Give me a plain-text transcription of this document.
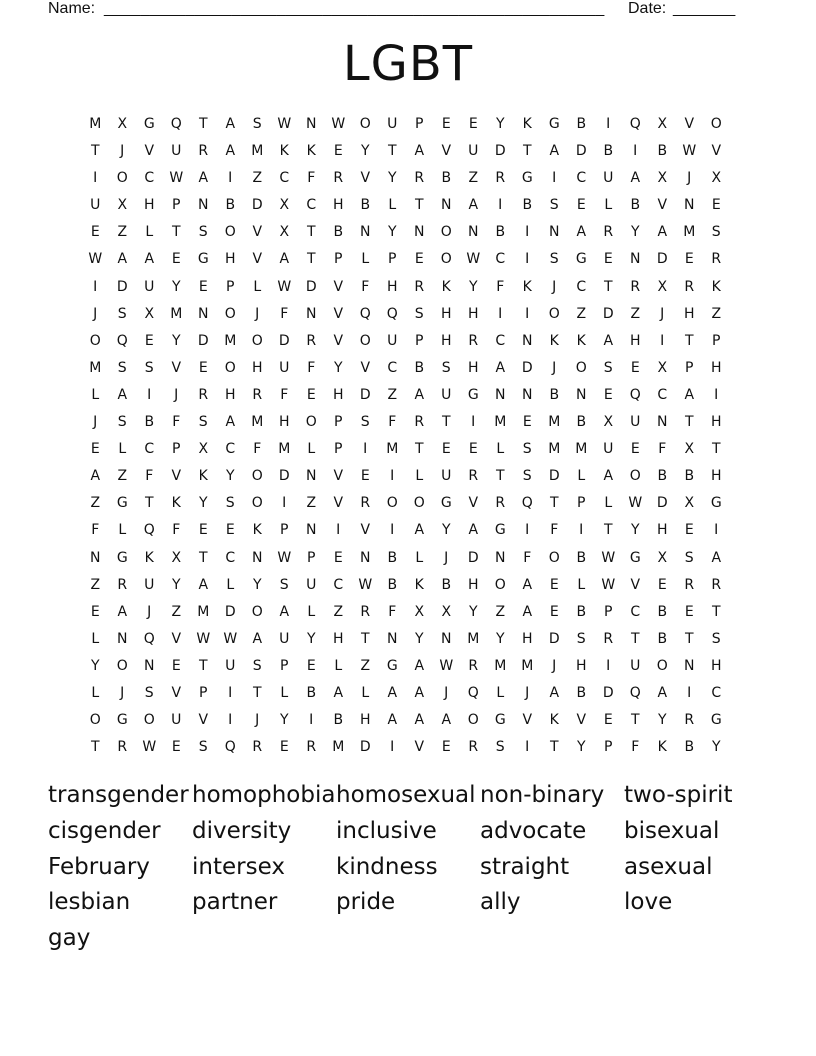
Name: _______________________________________________________ Date: _______
LGBT
M	X	G	Q	T	A	S	W	N	W	O	U	P	E	E	Y	K	G	B	I	Q	X	V	O
T	J	V	U	R	A	M	K	K	E	Y	T	A	V	U	D	T	A	D	B	I	B	W	V
I	O	C	W	A	I	Z	C	F	R	V	Y	R	B	Z	R	G	I	C	U	A	X	J	X
U	X	H	P	N	B	D	X	C	H	B	L	T	N	A	I	B	S	E	L	B	V	N	E
E	Z	L	T	S	O	V	X	T	B	N	Y	N	O	N	B	I	N	A	R	Y	A	M	S
W	A	A	E	G	H	V	A	T	P	L	P	E	O	W	C	I	S	G	E	N	D	E	R
I	D	U	Y	E	P	L	W	D	V	F	H	R	K	Y	F	K	J	C	T	R	X	R	K
J	S	X	M	N	O	J	F	N	V	Q	Q	S	H	H	I	I	O	Z	D	Z	J	H	Z
O	Q	E	Y	D	M	O	D	R	V	O	U	P	H	R	C	N	K	K	A	H	I	T	P
M	S	S	V	E	O	H	U	F	Y	V	C	B	S	H	A	D	J	O	S	E	X	P	H
L	A	I	J	R	H	R	F	E	H	D	Z	A	U	G	N	N	B	N	E	Q	C	A	I
J	S	B	F	S	A	M	H	O	P	S	F	R	T	I	M	E	M	B	X	U	N	T	H
E	L	C	P	X	C	F	M	L	P	I	M	T	E	E	L	S	M	M	U	E	F	X	T
A	Z	F	V	K	Y	O	D	N	V	E	I	L	U	R	T	S	D	L	A	O	B	B	H
Z	G	T	K	Y	S	O	I	Z	V	R	O	O	G	V	R	Q	T	P	L	W	D	X	G
F	L	Q	F	E	E	K	P	N	I	V	I	A	Y	A	G	I	F	I	T	Y	H	E	I
N	G	K	X	T	C	N	W	P	E	N	B	L	J	D	N	F	O	B	W	G	X	S	A
Z	R	U	Y	A	L	Y	S	U	C	W	B	K	B	H	O	A	E	L	W	V	E	R	R
E	A	J	Z	M	D	O	A	L	Z	R	F	X	X	Y	Z	A	E	B	P	C	B	E	T
L	N	Q	V	W W	A	U	Y	H	T	N	Y	N	M	Y	H	D	S	R	T	B	T	S
Y	O	N	E	T	U	S	P	E	L	Z	G	A	W	R	M	M	J	H	I	U	O	N	H
L	J	S	V	P	I	T	L	B	A	L	A	A	J	Q	L	J	A	B	D	Q	A	I	C
O	G	O	U	V	I	J	Y	I	B	H	A	A	A	O	G	V	K	V	E	T	Y	R	G
T	R	W	E	S	Q	R	E	R	M	D	I	V	E	R	S	I	T	Y	P	F	K	B	Y
transgender homophobia homosexual non-binary two-spirit
cisgender	diversity	inclusive	advocate	bisexual
February	intersex	kindness	straight	asexual
lesbian	partner	pride	ally	love
gay
